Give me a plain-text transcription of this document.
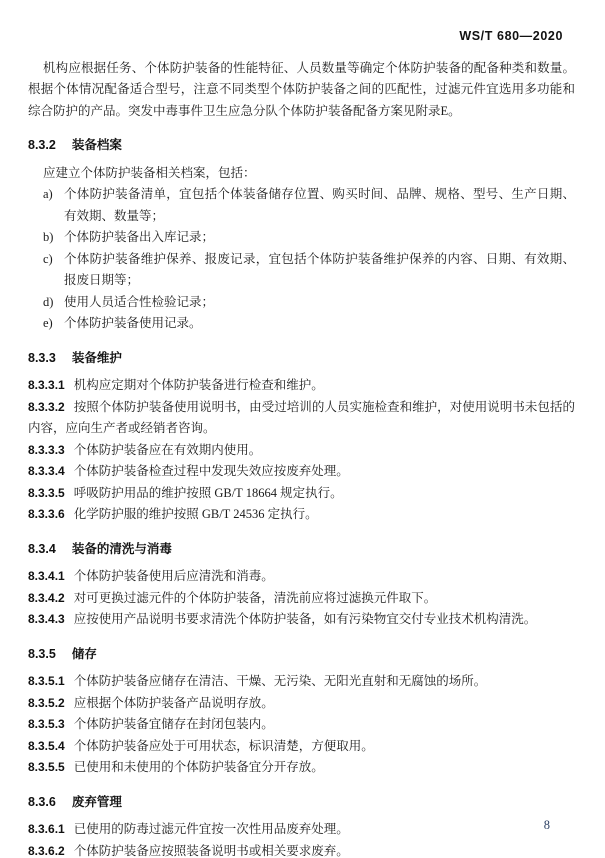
WS/T 680—2020

机构应根据任务、个体防护装备的性能特征、人员数量等确定个体防护装备的配备种类和数量。根据个体情况配备适合型号，注意不同类型个体防护装备之间的匹配性，过滤元件宜选用多功能和综合防护的产品。突发中毒事件卫生应急分队个体防护装备配备方案见附录E。

8.3.2 装备档案

应建立个体防护装备相关档案，包括：

a) 个体防护装备清单，宜包括个体装备储存位置、购买时间、品牌、规格、型号、生产日期、有效期、数量等；
b) 个体防护装备出入库记录；
c) 个体防护装备维护保养、报废记录，宜包括个体防护装备维护保养的内容、日期、有效期、报废日期等；
d) 使用人员适合性检验记录；
e) 个体防护装备使用记录。
8.3.3 装备维护

8.3.3.1 机构应定期对个体防护装备进行检查和维护。

8.3.3.2 按照个体防护装备使用说明书，由受过培训的人员实施检查和维护，对使用说明书未包括的内容，应向生产者或经销者咨询。

8.3.3.3 个体防护装备应在有效期内使用。

8.3.3.4 个体防护装备检查过程中发现失效应按废弃处理。

8.3.3.5 呼吸防护用品的维护按照 GB/T 18664 规定执行。

8.3.3.6 化学防护服的维护按照 GB/T 24536 定执行。

8.3.4 装备的清洗与消毒

8.3.4.1 个体防护装备使用后应清洗和消毒。

8.3.4.2 对可更换过滤元件的个体防护装备，清洗前应将过滤换元件取下。

8.3.4.3 应按使用产品说明书要求清洗个体防护装备，如有污染物宜交付专业技术机构清洗。

8.3.5 储存

8.3.5.1 个体防护装备应储存在清洁、干燥、无污染、无阳光直射和无腐蚀的场所。

8.3.5.2 应根据个体防护装备产品说明存放。

8.3.5.3 个体防护装备宜储存在封闭包装内。

8.3.5.4 个体防护装备应处于可用状态，标识清楚，方便取用。

8.3.5.5 已使用和未使用的个体防护装备宜分开存放。

8.3.6 废弃管理

8.3.6.1 已使用的防毒过滤元件宜按一次性用品废弃处理。

8.3.6.2 个体防护装备应按照装备说明书或相关要求废弃。

8
